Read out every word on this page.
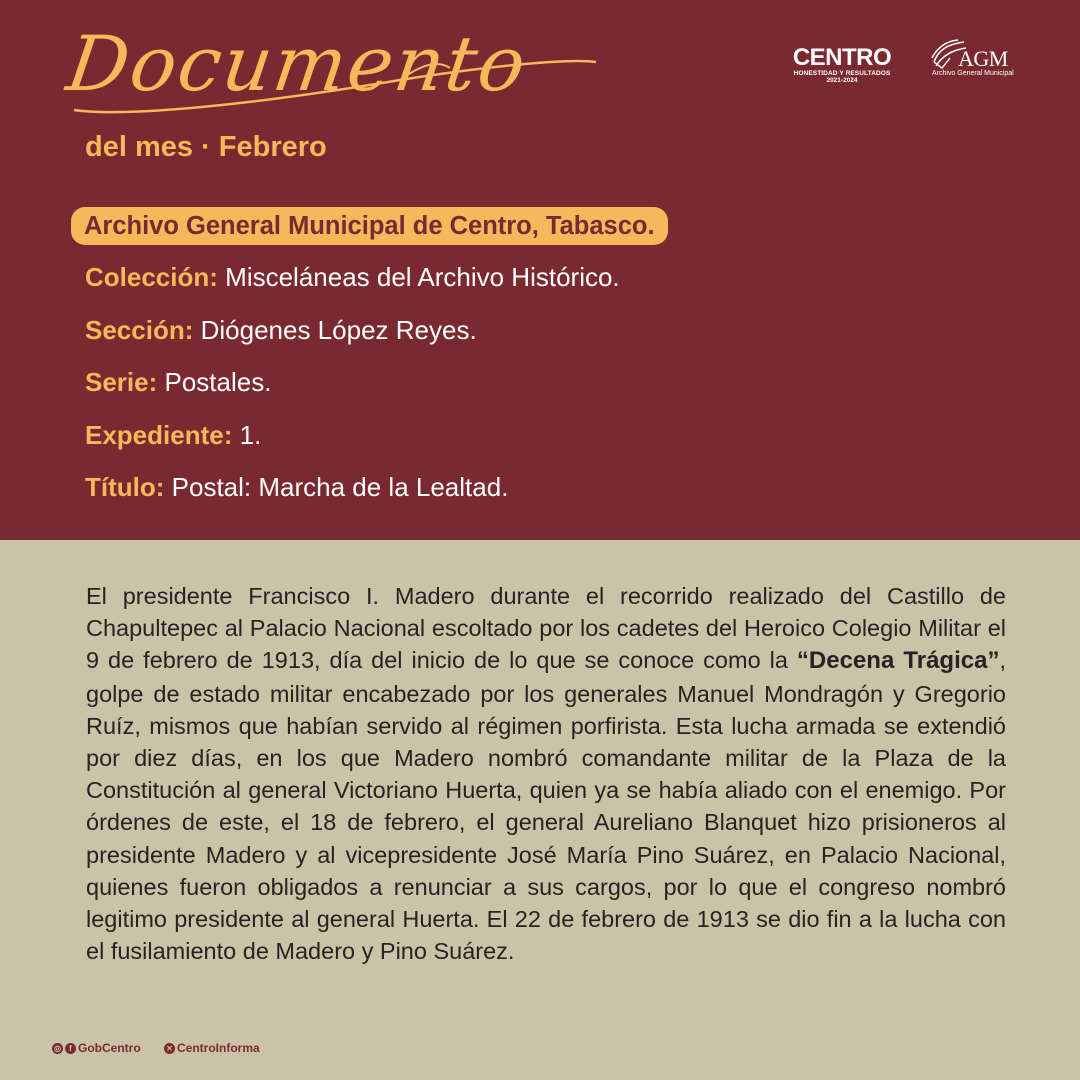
Documento
del mes · Febrero
CENTRO
HONESTIDAD Y RESULTADOS
2021-2024
AGM
Archivo General Municipal
Archivo General Municipal de Centro, Tabasco.
Colección: Misceláneas del Archivo Histórico.
Sección: Diógenes López Reyes.
Serie: Postales.
Expediente: 1.
Título: Postal: Marcha de la Lealtad.
El presidente Francisco I. Madero durante el recorrido realizado del Castillo de Chapultepec al Palacio Nacional escoltado por los cadetes del Heroico Colegio Militar el 9 de febrero de 1913, día del inicio de lo que se conoce como la “Decena Trágica”, golpe de estado militar encabezado por los generales Manuel Mondragón y Gregorio Ruíz, mismos que habían servido al régimen porfirista. Esta lucha armada se extendió por diez días, en los que Madero nombró comandante militar de la Plaza de la Constitución al general Victoriano Huerta, quien ya se había aliado con el enemigo. Por órdenes de este, el 18 de febrero, el general Aureliano Blanquet hizo prisioneros al presidente Madero y al vicepresidente José María Pino Suárez, en Palacio Nacional, quienes fueron obligados a renunciar a sus cargos, por lo que el congreso nombró legitimo presidente al general Huerta. El 22 de febrero de 1913 se dio fin a la lucha con el fusilamiento de Madero y Pino Suárez.
◎	f GobCentro	✕ CentroInforma
